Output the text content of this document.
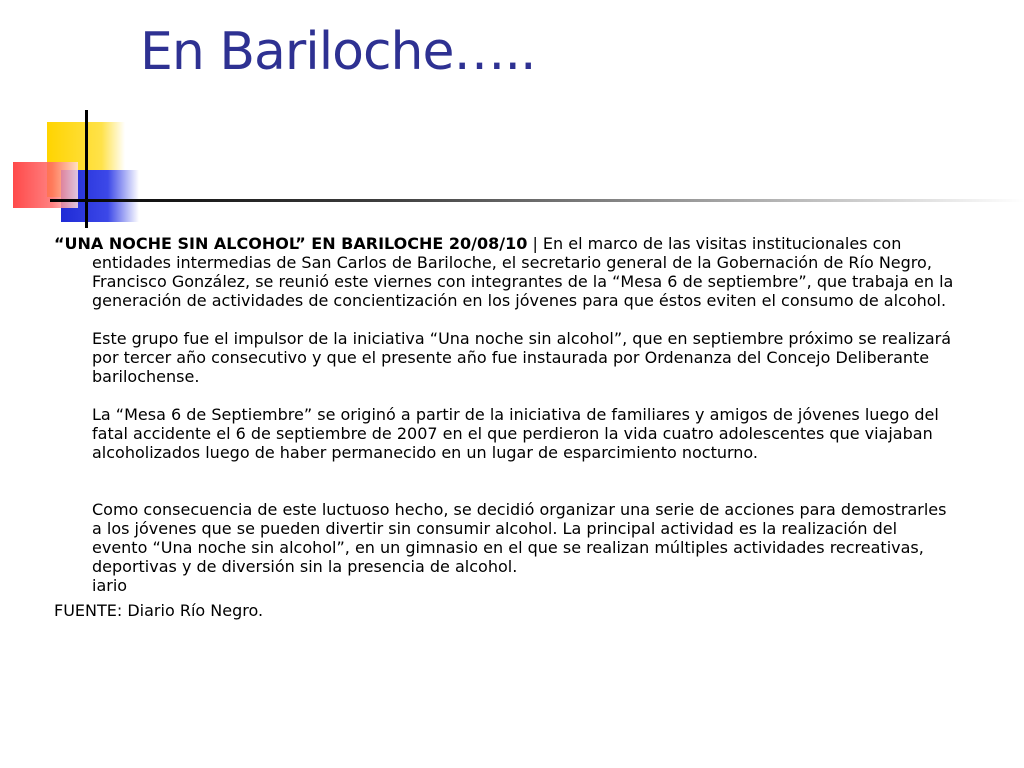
En Bariloche…..

“UNA NOCHE SIN ALCOHOL” EN BARILOCHE 20/08/10 | En el marco de las visitas institucionales con entidades intermedias de San Carlos de Bariloche, el secretario general de la Gobernación de Río Negro, Francisco González, se reunió este viernes con integrantes de la “Mesa 6 de septiembre”, que trabaja en la generación de actividades de concientización en los jóvenes para que éstos eviten el consumo de alcohol.

Este grupo fue el impulsor de la iniciativa “Una noche sin alcohol”, que en septiembre próximo se realizará por tercer año consecutivo y que el presente año fue instaurada por Ordenanza del Concejo Deliberante barilochense.

La “Mesa 6 de Septiembre” se originó a partir de la iniciativa de familiares y amigos de jóvenes luego del fatal accidente el 6 de septiembre de 2007 en el que perdieron la vida cuatro adolescentes que viajaban alcoholizados luego de haber permanecido en un lugar de esparcimiento nocturno.

Como consecuencia de este luctuoso hecho, se decidió organizar una serie de acciones para demostrarles a los jóvenes que se pueden divertir sin consumir alcohol. La principal actividad es la realización del evento “Una noche sin alcohol”, en un gimnasio en el que se realizan múltiples actividades recreativas, deportivas y de diversión sin la presencia de alcohol.

iario

FUENTE: Diario Río Negro.
